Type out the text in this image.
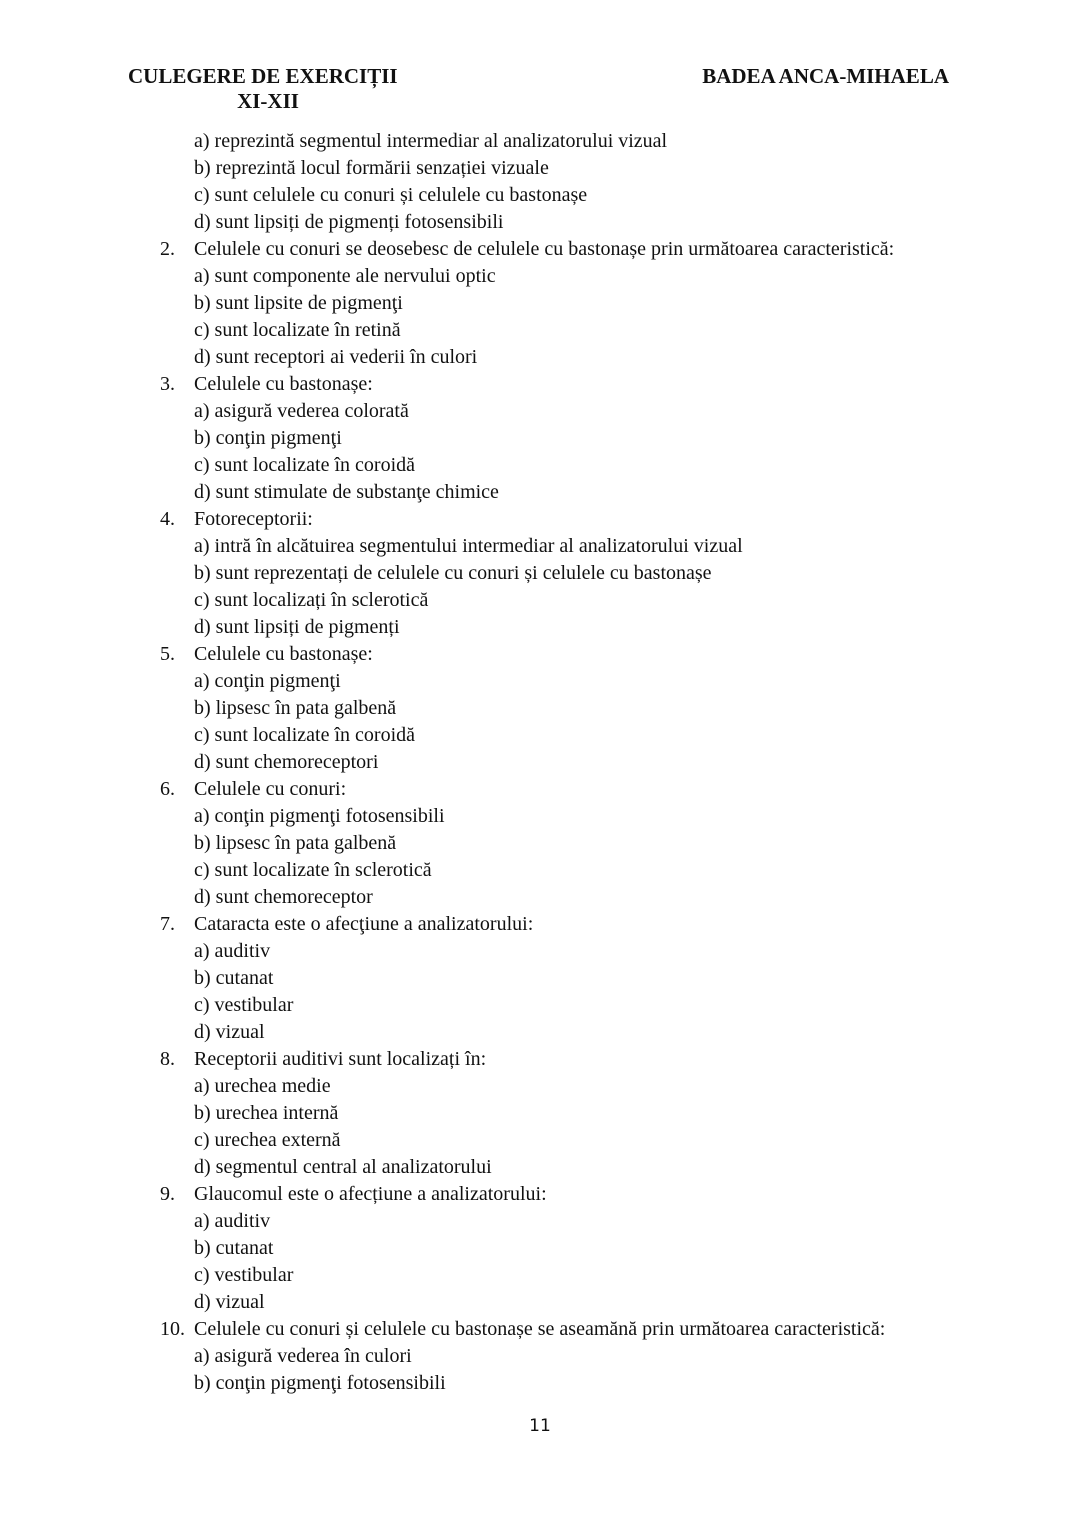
CULEGERE DE EXERCIȚII
XI-XII
BADEA ANCA-MIHAELA
a) reprezintă segmentul intermediar al analizatorului vizual
b) reprezintă locul formării senzației vizuale
c) sunt celulele cu conuri și celulele cu bastonașe
d) sunt lipsiți de pigmenți fotosensibili
2. Celulele cu conuri se deosebesc de celulele cu bastonașe prin următoarea caracteristică:
a) sunt componente ale nervului optic
b) sunt lipsite de pigmenţi
c) sunt localizate în retină
d) sunt receptori ai vederii în culori
3. Celulele cu bastonașe:
a) asigură vederea colorată
b) conţin pigmenţi
c) sunt localizate în coroidă
d) sunt stimulate de substanţe chimice
4. Fotoreceptorii:
a) intră în alcătuirea segmentului intermediar al analizatorului vizual
b) sunt reprezentați de celulele cu conuri și celulele cu bastonașe
c) sunt localizați în sclerotică
d) sunt lipsiți de pigmenți
5. Celulele cu bastonașe:
a) conţin pigmenţi
b) lipsesc în pata galbenă
c) sunt localizate în coroidă
d) sunt chemoreceptori
6. Celulele cu conuri:
a) conţin pigmenţi fotosensibili
b) lipsesc în pata galbenă
c) sunt localizate în sclerotică
d) sunt chemoreceptor
7. Cataracta este o afecţiune a analizatorului:
a) auditiv
b) cutanat
c) vestibular
d) vizual
8. Receptorii auditivi sunt localizați în:
a) urechea medie
b) urechea internă
c) urechea externă
d) segmentul central al analizatorului
9. Glaucomul este o afecțiune a analizatorului:
a) auditiv
b) cutanat
c) vestibular
d) vizual
10. Celulele cu conuri și celulele cu bastonașe se aseamănă prin următoarea caracteristică:
a) asigură vederea în culori
b) conţin pigmenţi fotosensibili
11
